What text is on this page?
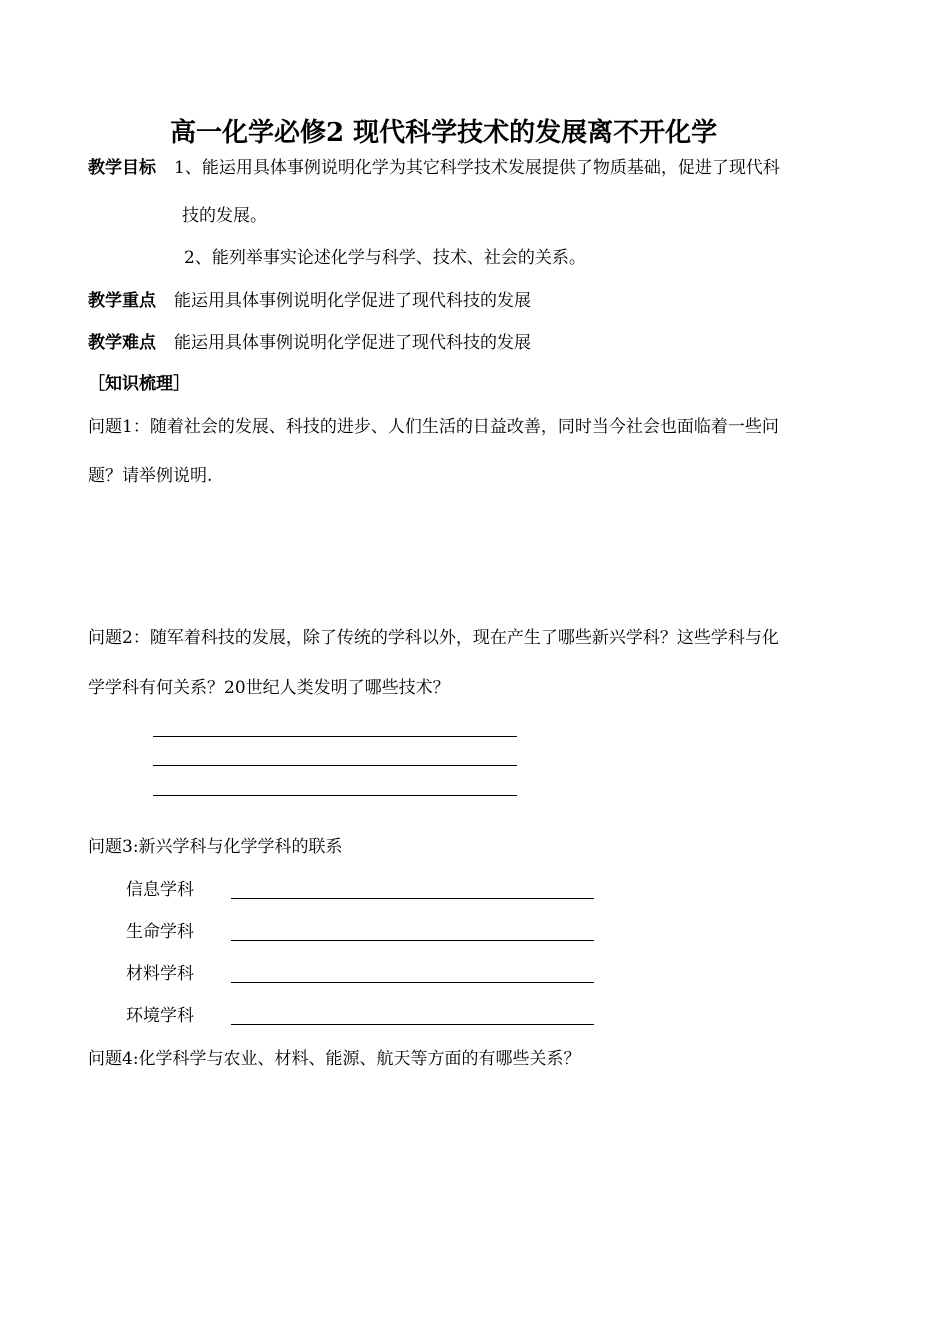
高一化学必修2 现代科学技术的发展离不开化学
教学目标 1、能运用具体事例说明化学为其它科学技术发展提供了物质基础，促进了现代科
技的发展。
2、能列举事实论述化学与科学、技术、社会的关系。
教学重点 能运用具体事例说明化学促进了现代科技的发展
教学难点 能运用具体事例说明化学促进了现代科技的发展
［知识梳理］
问题1：随着社会的发展、科技的进步、人们生活的日益改善，同时当今社会也面临着一些问
题？请举例说明.
问题2：随军着科技的发展，除了传统的学科以外，现在产生了哪些新兴学科？这些学科与化
学学科有何关系？20世纪人类发明了哪些技术？
问题3:新兴学科与化学学科的联系
信息学科
生命学科
材料学科
环境学科
问题4:化学科学与农业、材料、能源、航天等方面的有哪些关系？
